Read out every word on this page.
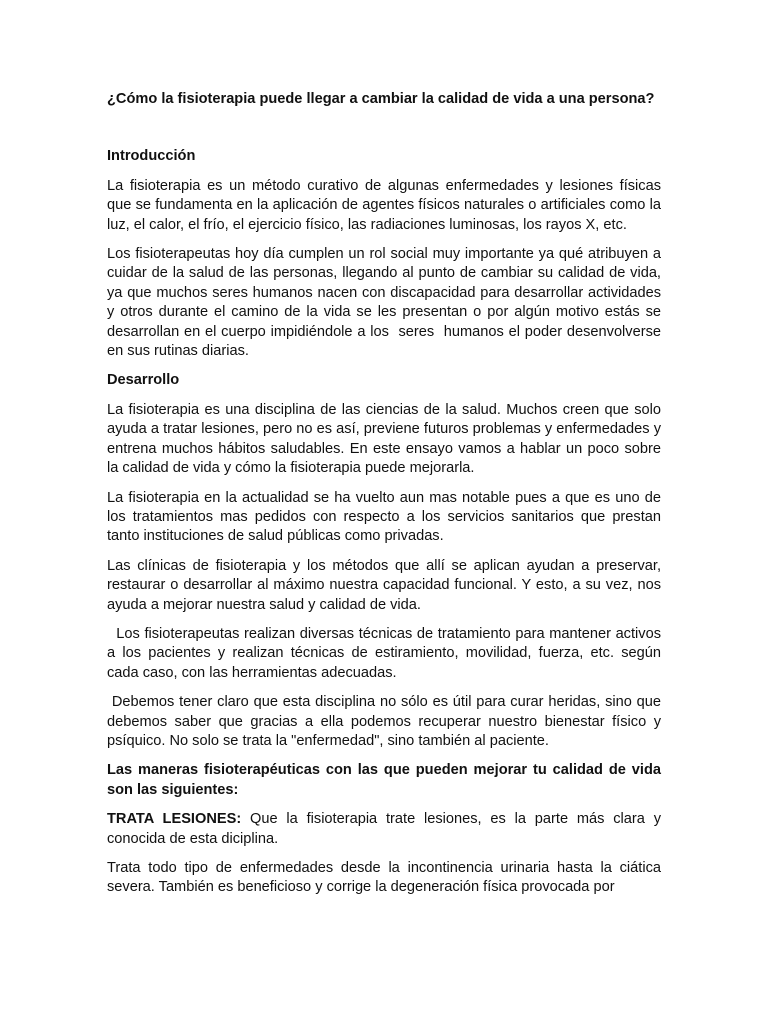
¿Cómo la fisioterapia puede llegar a cambiar la calidad de vida a una persona?

Introducción

La fisioterapia es un método curativo de algunas enfermedades y lesiones físicas que se fundamenta en la aplicación de agentes físicos naturales o artificiales como la luz, el calor, el frío, el ejercicio físico, las radiaciones luminosas, los rayos X, etc.

Los fisioterapeutas hoy día cumplen un rol social muy importante ya qué atribuyen a cuidar de la salud de las personas, llegando al punto de cambiar su calidad de vida, ya que muchos seres humanos nacen con discapacidad para desarrollar actividades y otros durante el camino de la vida se les presentan o por algún motivo estás se desarrollan en el cuerpo impidiéndole a los  seres  humanos el poder desenvolverse en sus rutinas diarias.

Desarrollo

La fisioterapia es una disciplina de las ciencias de la salud. Muchos creen que solo ayuda a tratar lesiones, pero no es así, previene futuros problemas y enfermedades y entrena muchos hábitos saludables. En este ensayo vamos a hablar un poco sobre la calidad de vida y cómo la fisioterapia puede mejorarla.

La fisioterapia en la actualidad se ha vuelto aun mas notable pues a que es uno de los tratamientos mas pedidos con respecto a los servicios sanitarios que prestan tanto instituciones de salud públicas como privadas.

Las clínicas de fisioterapia y los métodos que allí se aplican ayudan a preservar, restaurar o desarrollar al máximo nuestra capacidad funcional. Y esto, a su vez, nos ayuda a mejorar nuestra salud y calidad de vida.

Los fisioterapeutas realizan diversas técnicas de tratamiento para mantener activos a los pacientes y realizan técnicas de estiramiento, movilidad, fuerza, etc. según cada caso, con las herramientas adecuadas.

Debemos tener claro que esta disciplina no sólo es útil para curar heridas, sino que debemos saber que gracias a ella podemos recuperar nuestro bienestar físico y psíquico. No solo se trata la "enfermedad", sino también al paciente.

Las maneras fisioterapéuticas con las que pueden mejorar tu calidad de vida son las siguientes:

TRATA LESIONES: Que la fisioterapia trate lesiones, es la parte más clara y conocida de esta diciplina.

Trata todo tipo de enfermedades desde la incontinencia urinaria hasta la ciática severa. También es beneficioso y corrige la degeneración física provocada por
